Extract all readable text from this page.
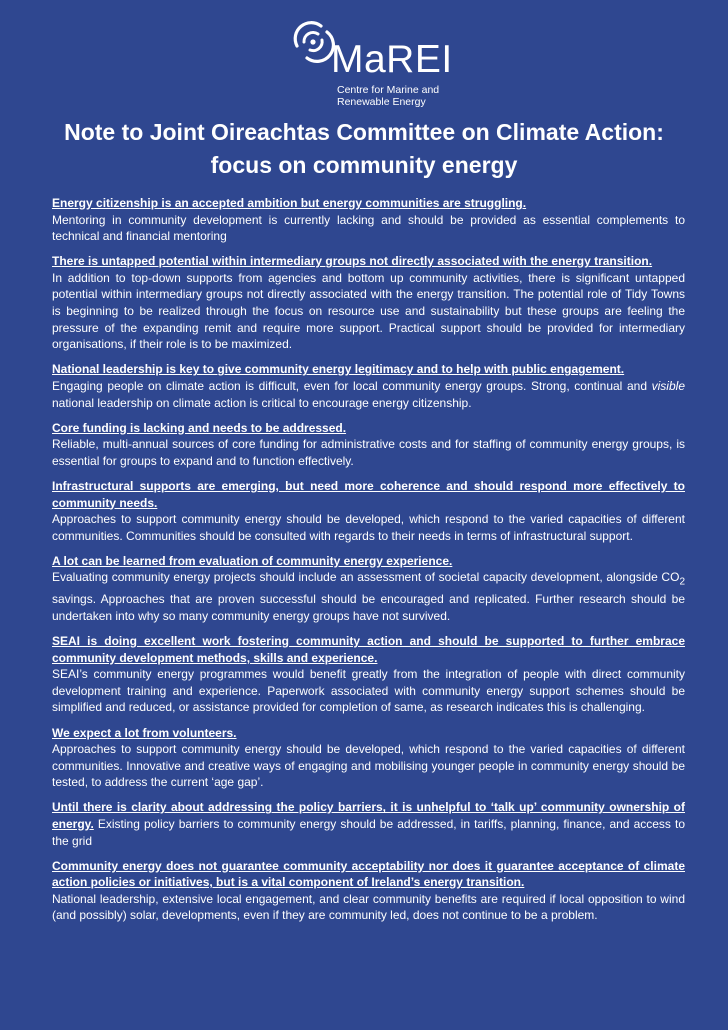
MaREI
Centre for Marine and
Renewable Energy
Note to Joint Oireachtas Committee on Climate Action:
focus on community energy
Energy citizenship is an accepted ambition but energy communities are struggling.
Mentoring in community development is currently lacking and should be provided as essential complements to technical and financial mentoring
There is untapped potential within intermediary groups not directly associated with the energy transition.
In addition to top-down supports from agencies and bottom up community activities, there is significant untapped potential within intermediary groups not directly associated with the energy transition. The potential role of Tidy Towns is beginning to be realized through the focus on resource use and sustainability but these groups are feeling the pressure of the expanding remit and require more support. Practical support should be provided for intermediary organisations, if their role is to be maximized.
National leadership is key to give community energy legitimacy and to help with public engagement.
Engaging people on climate action is difficult, even for local community energy groups. Strong, continual and visible national leadership on climate action is critical to encourage energy citizenship.
Core funding is lacking and needs to be addressed.
Reliable, multi-annual sources of core funding for administrative costs and for staffing of community energy groups, is essential for groups to expand and to function effectively.
Infrastructural supports are emerging, but need more coherence and should respond more effectively to community needs.
Approaches to support community energy should be developed, which respond to the varied capacities of different communities. Communities should be consulted with regards to their needs in terms of infrastructural support.
A lot can be learned from evaluation of community energy experience.
Evaluating community energy projects should include an assessment of societal capacity development, alongside $CO_2$ savings. Approaches that are proven successful should be encouraged and replicated. Further research should be undertaken into why so many community energy groups have not survived.
SEAI is doing excellent work fostering community action and should be supported to further embrace community development methods, skills and experience.
SEAI’s community energy programmes would benefit greatly from the integration of people with direct community development training and experience. Paperwork associated with community energy support schemes should be simplified and reduced, or assistance provided for completion of same, as research indicates this is challenging.
We expect a lot from volunteers.
Approaches to support community energy should be developed, which respond to the varied capacities of different communities. Innovative and creative ways of engaging and mobilising younger people in community energy should be tested, to address the current ‘age gap’.
Until there is clarity about addressing the policy barriers, it is unhelpful to ‘talk up’ community ownership of energy. Existing policy barriers to community energy should be addressed, in tariffs, planning, finance, and access to the grid
Community energy does not guarantee community acceptability nor does it guarantee acceptance of climate action policies or initiatives, but is a vital component of Ireland’s energy transition.
National leadership, extensive local engagement, and clear community benefits are required if local opposition to wind (and possibly) solar, developments, even if they are community led, does not continue to be a problem.
